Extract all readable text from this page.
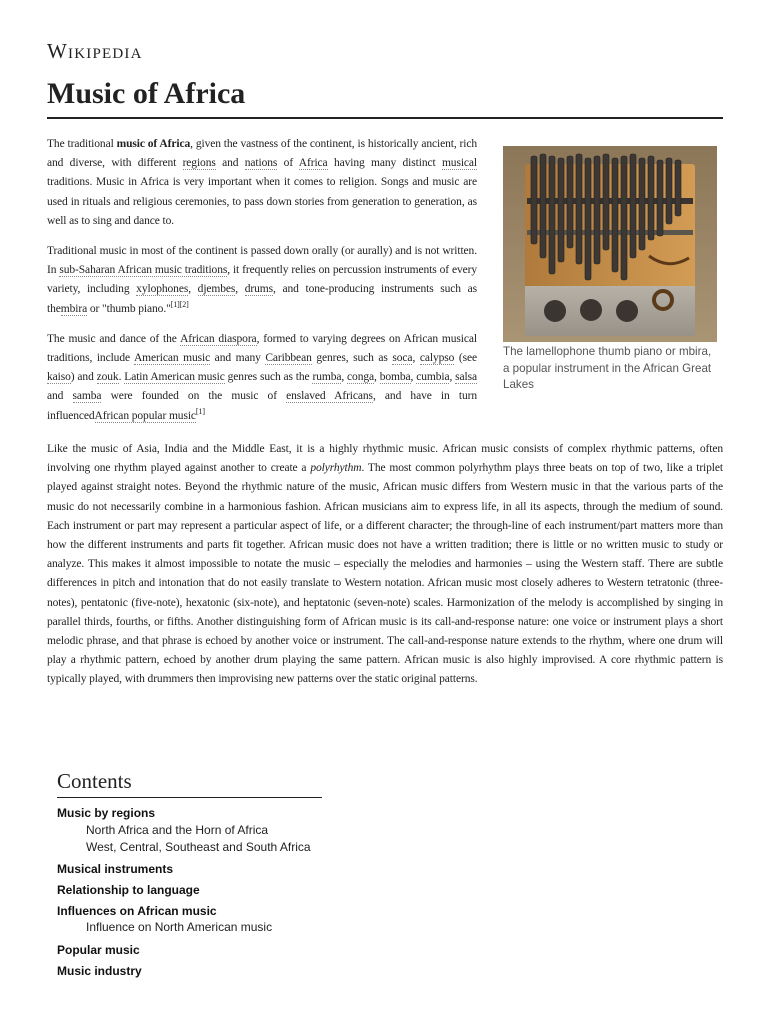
Wikipedia
Music of Africa

The traditional music of Africa, given the vastness of the continent, is historically ancient, rich and diverse, with different regions and nations of Africa having many distinct musical traditions. Music in Africa is very important when it comes to religion. Songs and music are used in rituals and religious ceremonies, to pass down stories from generation to generation, as well as to sing and dance to.

Traditional music in most of the continent is passed down orally (or aurally) and is not written. In sub-Saharan African music traditions, it frequently relies on percussion instruments of every variety, including xylophones, djembes, drums, and tone-producing instruments such as thembira or "thumb piano."[1][2]

The music and dance of the African diaspora, formed to varying degrees on African musical traditions, include American music and many Caribbean genres, such as soca, calypso (see kaiso) and zouk. Latin American music genres such as the rumba, conga, bomba, cumbia, salsa and samba were founded on the music of enslaved Africans, and have in turn influencedAfrican popular music[1]

The lamellophone thumb piano or mbira, a popular instrument in the African Great Lakes

Like the music of Asia, India and the Middle East, it is a highly rhythmic music. African music consists of complex rhythmic patterns, often involving one rhythm played against another to create a polyrhythm. The most common polyrhythm plays three beats on top of two, like a triplet played against straight notes. Beyond the rhythmic nature of the music, African music differs from Western music in that the various parts of the music do not necessarily combine in a harmonious fashion. African musicians aim to express life, in all its aspects, through the medium of sound. Each instrument or part may represent a particular aspect of life, or a different character; the through-line of each instrument/part matters more than how the different instruments and parts fit together. African music does not have a written tradition; there is little or no written music to study or analyze. This makes it almost impossible to notate the music – especially the melodies and harmonies – using the Western staff. There are subtle differences in pitch and intonation that do not easily translate to Western notation. African music most closely adheres to Western tetratonic (three-notes), pentatonic (five-note), hexatonic (six-note), and heptatonic (seven-note) scales. Harmonization of the melody is accomplished by singing in parallel thirds, fourths, or fifths. Another distinguishing form of African music is its call-and-response nature: one voice or instrument plays a short melodic phrase, and that phrase is echoed by another voice or instrument. The call-and-response nature extends to the rhythm, where one drum will play a rhythmic pattern, echoed by another drum playing the same pattern. African music is also highly improvised. A core rhythmic pattern is typically played, with drummers then improvising new patterns over the static original patterns.

Contents
Music by regions
North Africa and the Horn of Africa
West, Central, Southeast and South Africa
Musical instruments
Relationship to language
Influences on African music
Influence on North American music
Popular music
Music industry
